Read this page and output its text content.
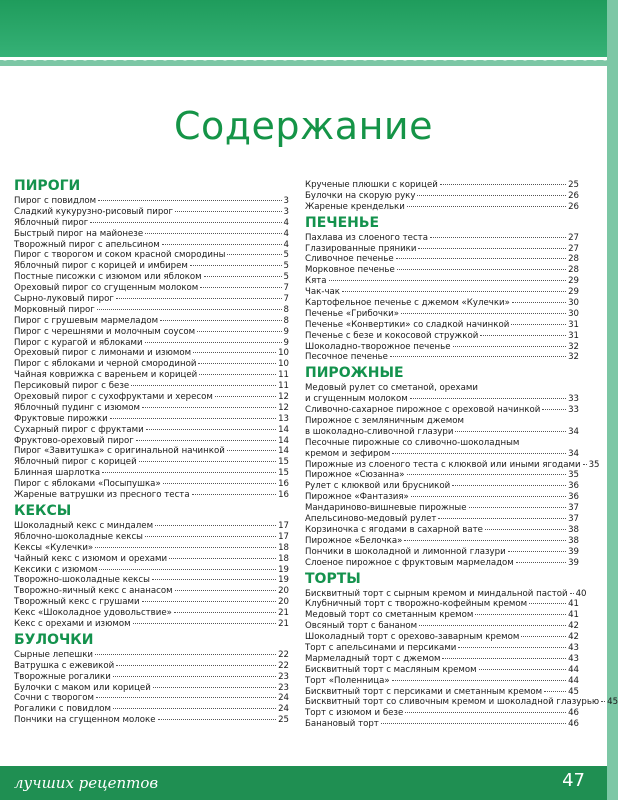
Содержание
ПИРОГИ
Пирог с повидлом	3
Сладкий кукурузно-рисовый пирог	3
Яблочный пирог	4
Быстрый пирог на майонезе	4
Творожный пирог с апельсином	4
Пирог с творогом и соком красной смородины	5
Яблочный пирог с корицей и имбирем	5
Постные писожки с изюмом или яблоком	5
Ореховый пирог со сгущенным молоком	7
Сырно-луковый пирог	7
Морковный пирог	8
Пирог с грушевым мармеладом	8
Пирог с черешнями и молочным соусом	9
Пирог с курагой и яблоками	9
Ореховый пирог с лимонами и изюмом	10
Пирог с яблоками и черной смородиной	10
Чайная коврижка с вареньем и корицей	11
Персиковый пирог с безе	11
Ореховый пирог с сухофруктами и хересом	12
Яблочный пудинг с изюмом	12
Фруктовые пирожки	13
Сухарный пирог с фруктами	14
Фруктово-ореховый пирог	14
Пирог «Завитушка» с оригинальной начинкой	14
Яблочный пирог с корицей	15
Блинная шарлотка	15
Пирог с яблоками «Посыпушка»	16
Жареные ватрушки из пресного теста	16
КЕКСЫ
Шоколадный кекс с миндалем	17
Яблочно-шоколадные кексы	17
Кексы «Кулечки»	18
Чайный кекс с изюмом и орехами	18
Кексики с изюмом	19
Творожно-шоколадные кексы	19
Творожно-яичный кекс с ананасом	20
Творожный кекс с грушами	20
Кекс «Шоколадное удовольствие»	21
Кекс с орехами и изюмом	21
БУЛОЧКИ
Сырные лепешки	22
Ватрушка с ежевикой	22
Творожные рогалики	23
Булочки с маком или корицей	23
Сочни с творогом	24
Рогалики с повидлом	24
Пончики на сгущенном молоке	25
Крученые плюшки с корицей	25
Булочки на скорую руку	26
Жареные крендельки	26
ПЕЧЕНЬЕ
Пахлава из слоеного теста	27
Глазированные пряники	27
Сливочное печенье	28
Морковное печенье	28
Кята	29
Чак-чак	29
Картофельное печенье с джемом «Кулечки»	30
Печенье «Грибочки»	30
Печенье «Конвертики» со сладкой начинкой	31
Печенье с безе и кокосовой стружкой	31
Шоколадно-творожное печенье	32
Песочное печенье	32
ПИРОЖНЫЕ
Медовый рулет со сметаной, орехами
и сгущенным молоком	33
Сливочно-сахарное пирожное с ореховой начинкой	33
Пирожное с земляничным джемом
в шоколадно-сливочной глазури	34
Песочные пирожные со сливочно-шоколадным
кремом и зефиром	34
Пирожные из слоеного теста с клюквой или иными ягодами 35
Пирожное «Сюзанна»	35
Рулет с клюквой или брусникой	36
Пирожное «Фантазия»	36
Мандариново-вишневые пирожные	37
Апельсиново-медовый рулет	37
Корзиночка с ягодами в сахарной вате	38
Пирожное «Белочка»	38
Пончики в шоколадной и лимонной глазури	39
Слоеное пирожное с фруктовым мармеладом	39
ТОРТЫ
Бисквитный торт с сырным кремом и миндальной пастой 40
Клубничный торт с творожно-кофейным кремом	41
Медовый торт со сметанным кремом	41
Овсяный торт с бананом	42
Шоколадный торт с орехово-заварным кремом	42
Торт с апельсинами и персиками	43
Мармеладный торт с джемом	43
Бисквитный торт с масляным кремом	44
Торт «Поленница»	44
Бисквитный торт с персиками и сметанным кремом	45
Бисквитный торт со сливочным кремом и шоколадной глазурью 45
Торт с изюмом и безе	46
Банановый торт	46
лучших рецептов	47
